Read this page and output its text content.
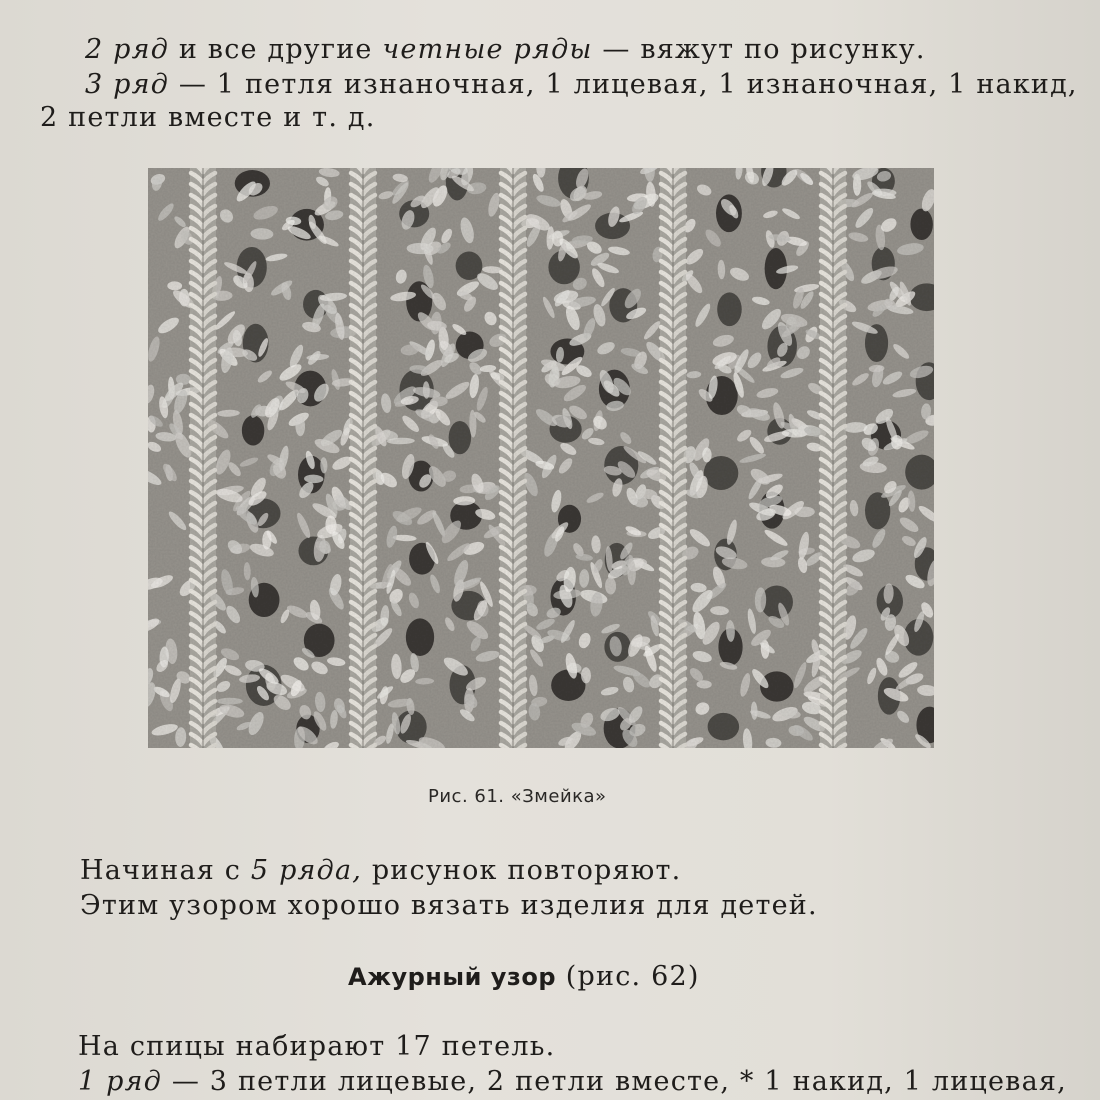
2 ряд и все другие четные ряды — вяжут по рисунку.
3 ряд — 1 петля изнаночная, 1 лицевая, 1 изнаночная, 1 накид,
2 петли вместе и т. д.
Рис. 61. «Змейка»
Начиная с 5 ряда, рисунок повторяют.
Этим узором хорошо вязать изделия для детей.
Ажурный узор (рис. 62)
На спицы набирают 17 петель.
1 ряд — 3 петли лицевые, 2 петли вместе, * 1 накид, 1 лицевая,
